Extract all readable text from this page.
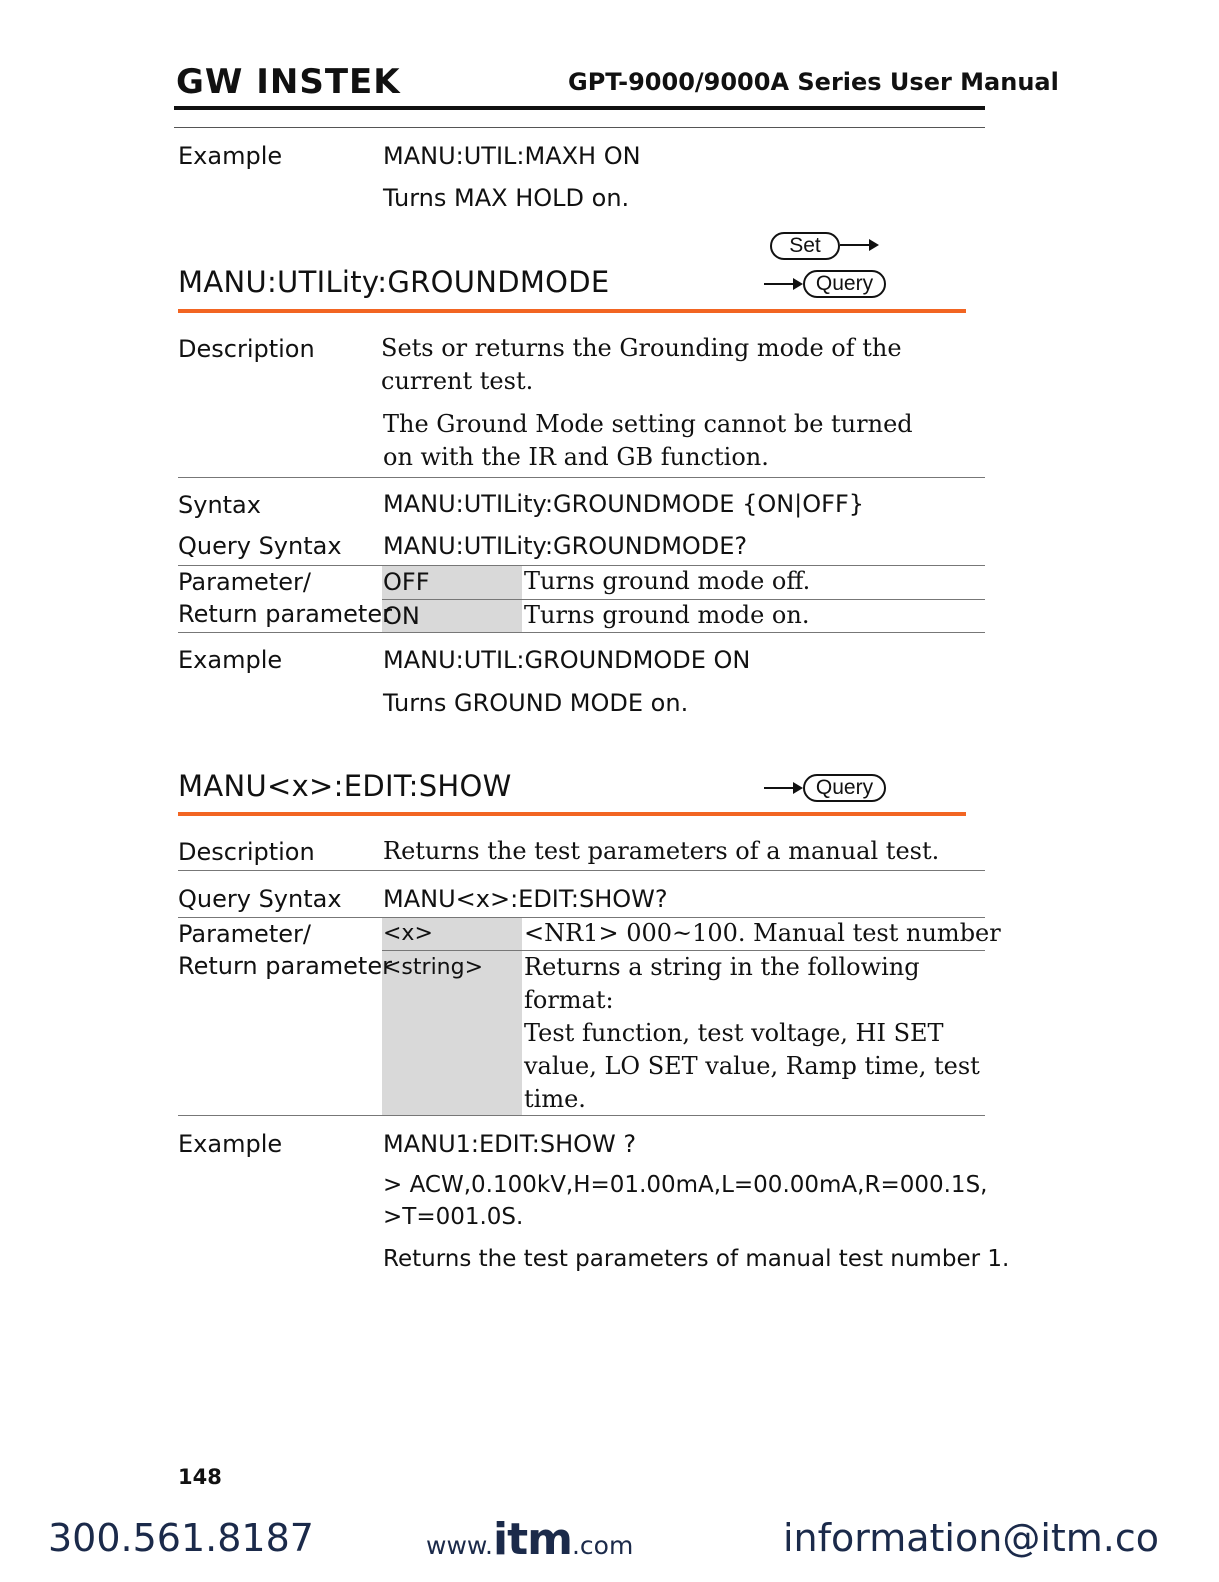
GW INSTEK	GPT-9000/9000A Series User Manual
Example	MANU:UTIL:MAXH ON
Turns MAX HOLD on.
Set
Query
MANU:UTILity:GROUNDMODE
Description	Sets or returns the Grounding mode of the current test.
The Ground Mode setting cannot be turned on with the IR and GB function.
Syntax	MANU:UTILity:GROUNDMODE {ON|OFF}
Query Syntax MANU:UTILity:GROUNDMODE?
Parameter/
Return parameter
OFF	Turns ground mode off.
ON	Turns ground mode on.
Example	MANU:UTIL:GROUNDMODE ON
Turns GROUND MODE on.
Query
MANU<x>:EDIT:SHOW
Description	Returns the test parameters of a manual test.
Query Syntax MANU<x>:EDIT:SHOW?
Parameter/
Return parameter
<x>	<NR1> 000~100. Manual test number
<string> Returns a string in the following
format:
Test function, test voltage, HI SET
value, LO SET value, Ramp time, test
time.
Example	MANU1:EDIT:SHOW ?
> ACW,0.100kV,H=01.00mA,L=00.00mA,R=000.1S,
>T=001.0S.
Returns the test parameters of manual test number 1.
148
300.561.8187	www.itm.com	information@itm.co
